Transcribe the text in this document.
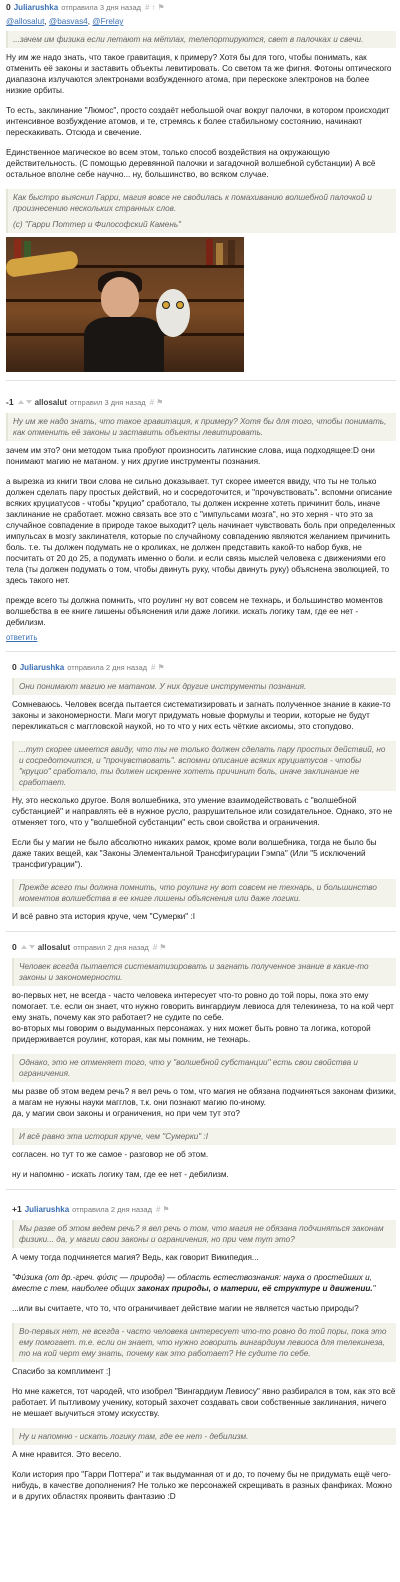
0 Juliarushka отправила 3 дня назад #↑⚑
@allosalut, @basvas4, @Frelay

...зачем им физика если летают на мётлах, телепортируются, свет в палочках и свечи.

Ну им же надо знать, что такое гравитация, к примеру? Хотя бы для того, чтобы понимать, как отменить её законы и заставить объекты левитировать. Со светом та же фигня. Фотоны оптического диапазона излучаются электронами возбужденного атома, при перескоке электронов на более низкие орбиты.

То есть, заклинание "Люмос", просто создаёт небольшой очаг вокруг палочки, в котором происходит интенсивное возбуждение атомов, и те, стремясь к более стабильному состоянию, начинают перескакивать. Отсюда и свечение.

Единственное магическое во всем этом, только способ воздействия на окружающую действительность. (С помощью деревянной палочки и загадочной волшебной субстанции) А всё остальное вполне себе научно... ну, большинство, во всяком случае.

Как быстро выяснил Гарри, магия вовсе не сводилась к помахиванию волшебной палочкой и произнесению нескольких странных слов.

(с) "Гарри Поттер и Философский Камень"

-1	allosalut отправил 3 дня назад #⚑

Ну им же надо знать, что такое гравитация, к примеру? Хотя бы для того, чтобы понимать, как отменить её законы и заставить объекты левитировать.

зачем им это? они методом тыка пробуют произносить латинские слова, ища подходящее:D они понимают магию не матаном. у них другие инструменты познания.

а вырезка из книги твои слова не сильно доказывает. тут скорее имеется ввиду, что ты не только должен сделать пару простых действий, но и сосредоточится, и "прочувствовать". вспомни описание всяких круциатусов - чтобы "круцио" сработало, ты должен искренне хотеть причинит боль, иначе заклинание не сработает. можно связать все это с "импульсами мозга", но это херня - что это за случайное совпадение в природе такое выходит? цель начинает чувствовать боль при определенных импульсах в мозгу заклинателя, которые по случайному совпадению являются желанием причинить боль. т.е. ты должен подумать не о кроликах, не должен представить какой-то набор букв, не посчитать от 20 до 25, а подумать именно о боли. и если связь мыслей человека с движениями его тела (ты должен подумать о том, чтобы двинуть руку, чтобы двинуть руку) объяснена эволюцией, то здесь такого нет.

прежде всего ты должна помнить, что роулинг ну вот совсем не технарь, и большинство моментов волшебства в ее книге лишены объяснения или даже логики. искать логику там, где ее нет - дебилизм.

ответить
0 Juliarushka отправила 2 дня назад #⚑

Они понимают магию не матаном. У них другие инструменты познания.

Сомневаюсь. Человек всегда пытается систематизировать и загнать полученное знание в какие-то законы и закономерности. Маги могут придумать новые формулы и теории, которые не будут перекликаться с маггловской наукой, но то что у них есть чёткие аксиомы, это стопудово.

...тут скорее имеется ввиду, что ты не только должен сделать пару простых действий, но и сосредоточится, и "прочувствовать". вспомни описание всяких круциатусов - чтобы "круцио" сработало, ты должен искренне хотеть причинит боль, иначе заклинание не сработает.

Ну, это несколько другое. Воля волшебника, это умение взаимодействовать с "волшебной субстанцией" и направлять её в нужное русло, разрушительное или созидательное. Однако, это не отменяет того, что у "волшебной субстанции" есть свои свойства и ограничения.

Если бы у магии не было абсолютно никаких рамок, кроме воли волшебника, тогда не было бы даже таких вещей, как "Законы Элементальной Трансфигурации Гэмпа" (Или "5 исключений трансфигурации").

Прежде всего ты должна помнить, что роулинг ну вот совсем не технарь, и большинство моментов волшебства в ее книге лишены объяснения или даже логики.

И всё равно эта история круче, чем "Сумерки" :I

0	allosalut отправил 2 дня назад #⚑

Человек всегда пытается систематизировать и загнать полученное знание в какие-то законы и закономерности.

во-первых нет, не всегда - часто человека интересует что-то ровно до той поры, пока это ему помогает. т.е. если он знает, что нужно говорить вингардиум левиоса для телекинеза, то на кой черт ему знать, почему как это работает? не судите по себе.

во-вторых мы говорим о выдуманных персонажах. у них может быть ровно та логика, которой придерживается роулинг, которая, как мы помним, не технарь.

Однако, это не отменяет того, что у "волшебной субстанции" есть свои свойства и ограничения.

мы разве об этом ведем речь? я вел речь о том, что магия не обязана подчиняться законам физики, а магам не нужны науки магглов, т.к. они познают магию по-иному.

да, у магии свои законы и ограничения, но при чем тут это?

И всё равно эта история круче, чем "Сумерки" :I

согласен. но тут то же самое - разговор не об этом.

ну и напомню - искать логику там, где ее нет - дебилизм.

+1 Juliarushka отправила 2 дня назад #⚑

Мы разве об этом ведем речь? я вел речь о том, что магия не обязана подчиняться законам физики... да, у магии свои законы и ограничения, но при чем тут это?

А чему тогда подчиняется магия? Ведь, как говорит Википедия...

"Фи́зика (от др.-греч. φύσις — природа) — область естествознания: наука о простейших и, вместе с тем, наиболее общих законах природы, о материи, её структуре и движении."

...или вы считаете, что то, что ограничивает действие магии не является частью природы?

Во-первых нет, не всегда - часто человека интересует что-то ровно до той поры, пока это ему помогает. т.е. если он знает, что нужно говорить вингардиум левиоса для телекинеза, то на кой черт ему знать, почему как это работает? Не судите по себе.

Спасибо за комплимент :]

Но мне кажется, тот чародей, что изобрел "Вингардиум Левиосу" явно разбирался в том, как это всё работает. И пытливому ученику, который захочет создавать свои собственные заклинания, ничего не мешает выучиться этому искусству.

Ну и напомню - искать логику там, где ее нет - дебилизм.

А мне нравится. Это весело.

Коли история про "Гарри Поттера" и так выдуманная от и до, то почему бы не придумать ещё чего-нибудь, в качестве дополнения? Не только же персонажей скрещивать в разных фанфиках. Можно и в других областях проявить фантазию :D
